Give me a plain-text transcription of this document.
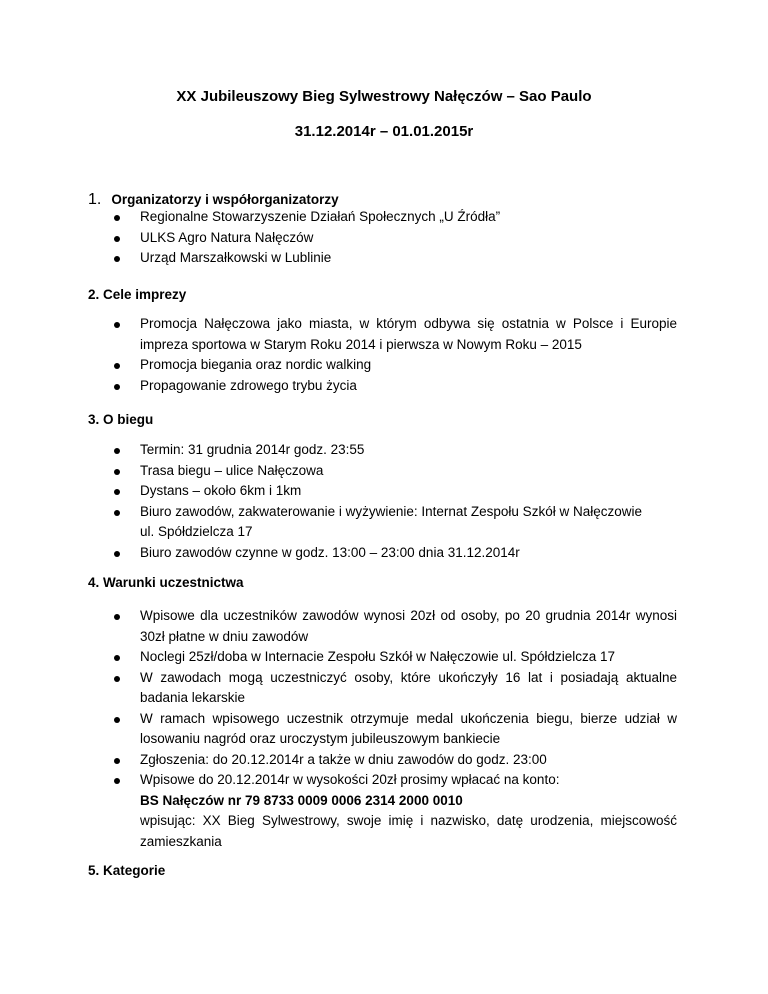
XX Jubileuszowy Bieg Sylwestrowy Nałęczów – Sao Paulo
31.12.2014r – 01.01.2015r
1. Organizatorzy i współorganizatorzy
Regionalne Stowarzyszenie Działań Społecznych „U Źródła”
ULKS Agro Natura Nałęczów
Urząd Marszałkowski w Lublinie
2. Cele imprezy
Promocja Nałęczowa jako miasta, w którym odbywa się ostatnia w Polsce i Europie impreza sportowa w Starym Roku 2014 i pierwsza w Nowym Roku – 2015
Promocja biegania oraz nordic walking
Propagowanie zdrowego trybu życia
3. O biegu
Termin: 31 grudnia 2014r godz. 23:55
Trasa biegu – ulice Nałęczowa
Dystans – około 6km i 1km
Biuro zawodów, zakwaterowanie i wyżywienie: Internat Zespołu Szkół w Nałęczowie
ul. Spółdzielcza 17
Biuro zawodów czynne w godz. 13:00 – 23:00 dnia 31.12.2014r
4. Warunki uczestnictwa
Wpisowe dla uczestników zawodów wynosi 20zł od osoby, po 20 grudnia 2014r wynosi 30zł płatne w dniu zawodów
Noclegi 25zł/doba w Internacie Zespołu Szkół w Nałęczowie ul. Spółdzielcza 17
W zawodach mogą uczestniczyć osoby, które ukończyły 16 lat i posiadają aktualne badania lekarskie
W ramach wpisowego uczestnik otrzymuje medal ukończenia biegu, bierze udział w losowaniu nagród oraz uroczystym jubileuszowym bankiecie
Zgłoszenia: do 20.12.2014r a także w dniu zawodów do godz. 23:00
Wpisowe do 20.12.2014r w wysokości 20zł prosimy wpłacać na konto:
BS Nałęczów nr 79 8733 0009 0006 2314 2000 0010
wpisując: XX Bieg Sylwestrowy, swoje imię i nazwisko, datę urodzenia, miejscowość zamieszkania
5. Kategorie
